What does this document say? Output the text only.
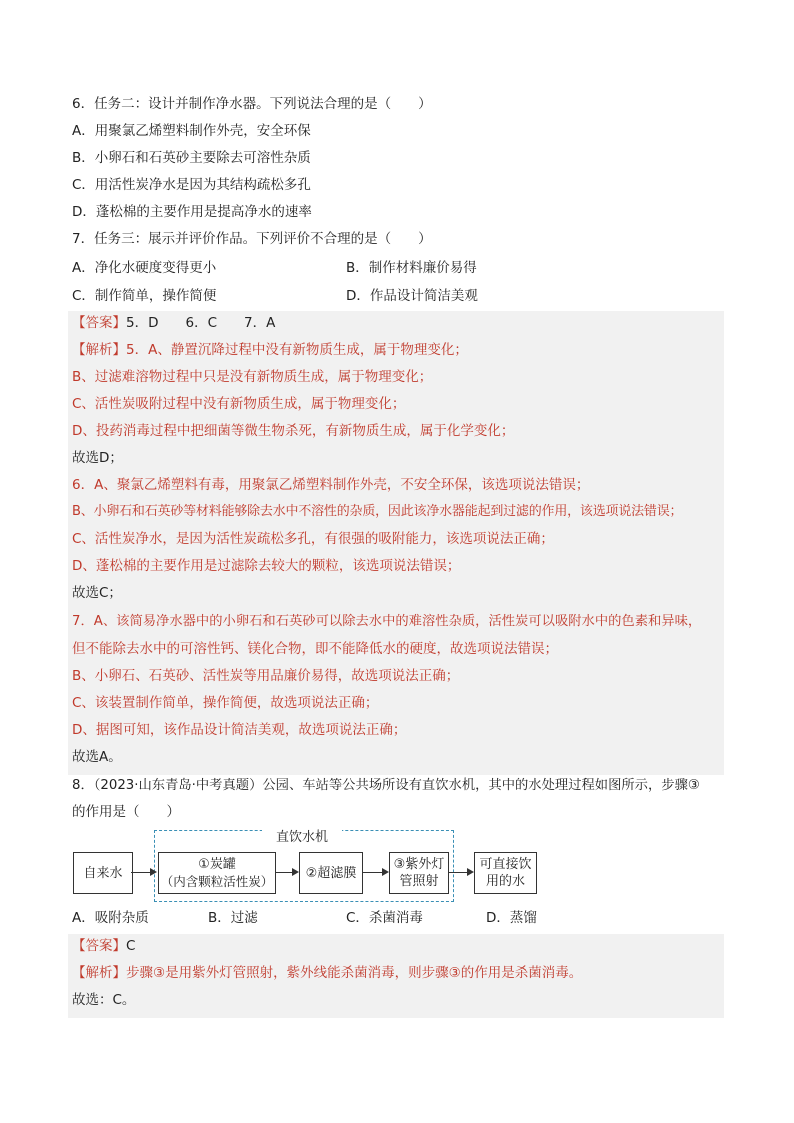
6．任务二：设计并制作净水器。下列说法合理的是（　　）
A．用聚氯乙烯塑料制作外壳，安全环保
B．小卵石和石英砂主要除去可溶性杂质
C．用活性炭净水是因为其结构疏松多孔
D．蓬松棉的主要作用是提高净水的速率
7．任务三：展示并评价作品。下列评价不合理的是（　　）
A．净化水硬度变得更小	B．制作材料廉价易得
C．制作简单，操作简便	D．作品设计简洁美观
【答案】5．D　　6．C　　7．A
【解析】5．A、静置沉降过程中没有新物质生成，属于物理变化；
B、过滤难溶物过程中只是没有新物质生成，属于物理变化；
C、活性炭吸附过程中没有新物质生成，属于物理变化；
D、投药消毒过程中把细菌等微生物杀死，有新物质生成，属于化学变化；
故选D；
6．A、聚氯乙烯塑料有毒，用聚氯乙烯塑料制作外壳，不安全环保，该选项说法错误；
B、小卵石和石英砂等材料能够除去水中不溶性的杂质，因此该净水器能起到过滤的作用，该选项说法错误；
C、活性炭净水，是因为活性炭疏松多孔，有很强的吸附能力，该选项说法正确；
D、蓬松棉的主要作用是过滤除去较大的颗粒，该选项说法错误；
故选C；
7．A、该简易净水器中的小卵石和石英砂可以除去水中的难溶性杂质，活性炭可以吸附水中的色素和异味，
但不能除去水中的可溶性钙、镁化合物，即不能降低水的硬度，故选项说法错误；
B、小卵石、石英砂、活性炭等用品廉价易得，故选项说法正确；
C、该装置制作简单，操作简便，故选项说法正确；
D、据图可知，该作品设计简洁美观，故选项说法正确；
故选A。
8．（2023·山东青岛·中考真题）公园、车站等公共场所设有直饮水机，其中的水处理过程如图所示，步骤③
的作用是（　　）
直饮水机
自来水
①炭罐
（内含颗粒活性炭）
②超滤膜
③紫外灯
管照射
可直接饮
用的水
A．吸附杂质	B．过滤	C．杀菌消毒	D．蒸馏
【答案】C
【解析】步骤③是用紫外灯管照射，紫外线能杀菌消毒，则步骤③的作用是杀菌消毒。
故选：C。
